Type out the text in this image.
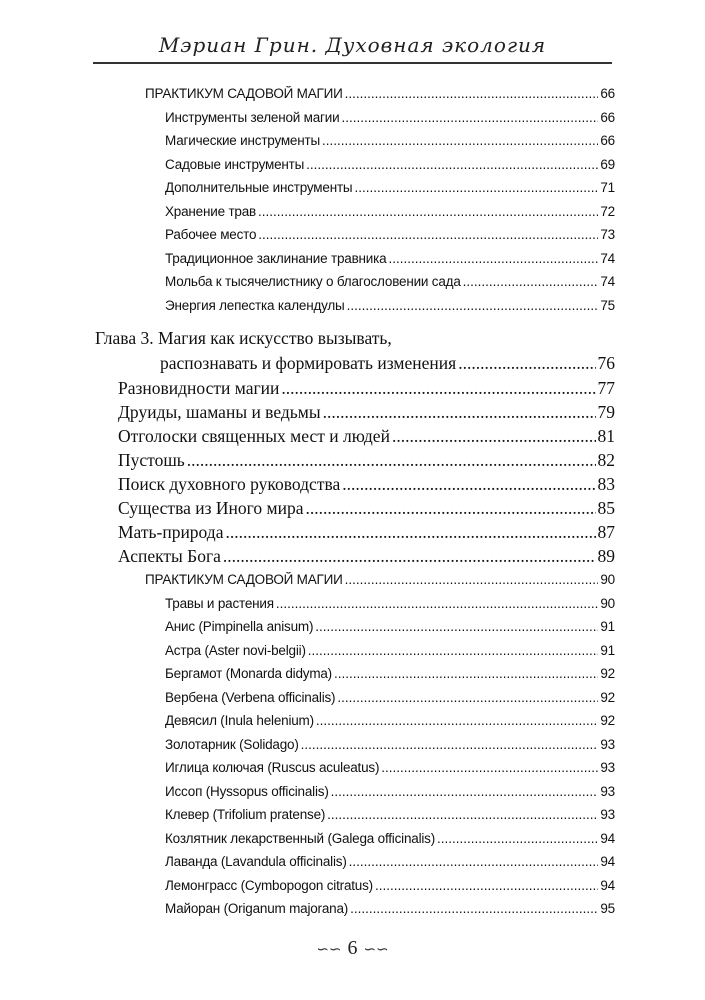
Мэриан Грин. Духовная экология
ПРАКТИКУМ САДОВОЙ МАГИИ .....	66
Инструменты зеленой магии .....	66
Магические инструменты .....	66
Садовые инструменты .....	69
Дополнительные инструменты .....	71
Хранение трав .....	72
Рабочее место .....	73
Традиционное заклинание травника .....	74
Мольба к тысячелистнику о благословении сада .....	74
Энергия лепестка календулы .....	75
Глава 3. Магия как искусство вызывать,
распознавать и формировать изменения .....	76
Разновидности магии .....	77
Друиды, шаманы и ведьмы .....	79
Отголоски священных мест и людей .....	81
Пустошь .....	82
Поиск духовного руководства .....	83
Существа из Иного мира .....	85
Мать-природа .....	87
Аспекты Бога .....	89
ПРАКТИКУМ САДОВОЙ МАГИИ .....	90
Травы и растения .....	90
Анис (Pimpinella anisum) .....	91
Астра (Aster novi-belgii) .....	91
Бергамот (Monarda didyma) .....	92
Вербена (Verbena officinalis) .....	92
Девясил (Inula helenium) .....	92
Золотарник (Solidago) .....	93
Иглица колючая (Ruscus aculeatus) .....	93
Иссоп (Hyssopus officinalis) .....	93
Клевер (Trifolium pratense) .....	93
Козлятник лекарственный (Galega officinalis) .....	94
Лаванда (Lavandula officinalis) .....	94
Лемонграсс (Cymbopogon citratus) .....	94
Майоран (Origanum majorana) .....	95
∽∽ 6 ∽∽
